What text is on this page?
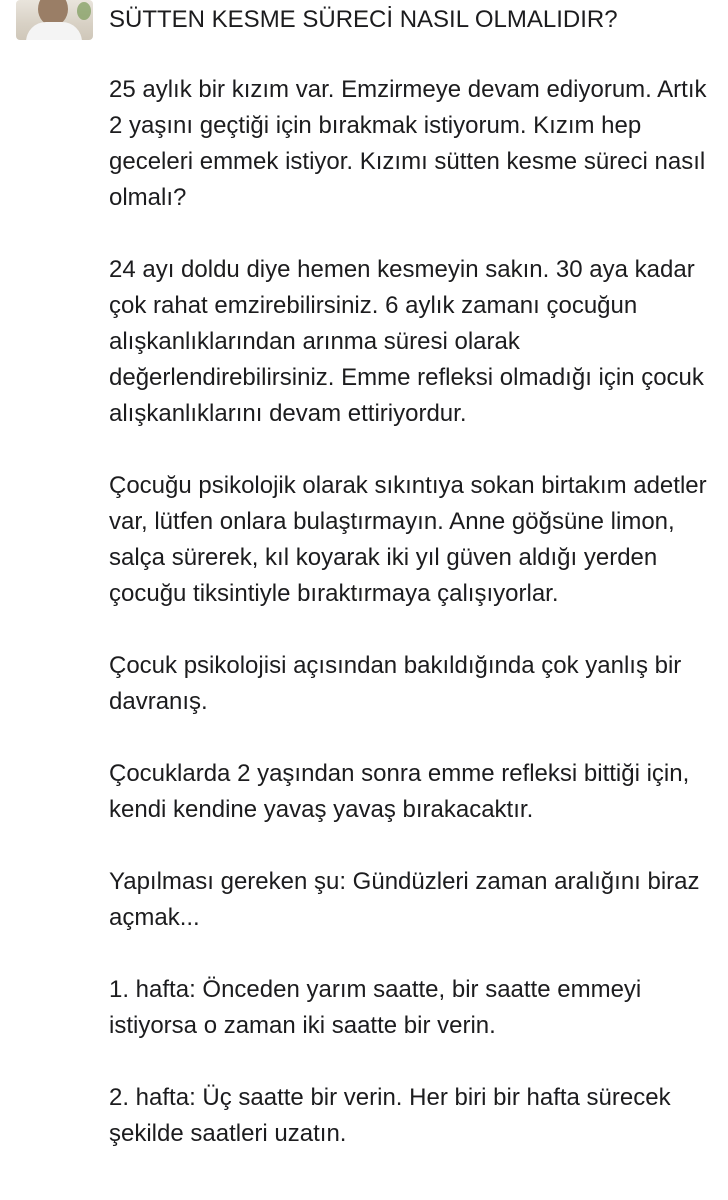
SÜTTEN KESME SÜRECİ NASIL OLMALIDIR?

25 aylık bir kızım var. Emzirmeye devam ediyorum. Artık 2 yaşını geçtiği için bırakmak istiyorum. Kızım hep geceleri emmek istiyor. Kızımı sütten kesme süreci nasıl olmalı?

24 ayı doldu diye hemen kesmeyin sakın. 30 aya kadar çok rahat emzirebilirsiniz. 6 aylık zamanı çocuğun alışkanlıklarından arınma süresi olarak değerlendirebilirsiniz. Emme refleksi olmadığı için çocuk alışkanlıklarını devam ettiriyordur.

Çocuğu psikolojik olarak sıkıntıya sokan birtakım adetler var, lütfen onlara bulaştırmayın. Anne göğsüne limon, salça sürerek, kıl koyarak iki yıl güven aldığı yerden çocuğu tiksintiyle bıraktırmaya çalışıyorlar.

Çocuk psikolojisi açısından bakıldığında çok yanlış bir davranış.

Çocuklarda 2 yaşından sonra emme refleksi bittiği için, kendi kendine yavaş yavaş bırakacaktır.

Yapılması gereken şu: Gündüzleri zaman aralığını biraz açmak...

1. hafta: Önceden yarım saatte, bir saatte emmeyi istiyorsa o zaman iki saatte bir verin.

2. hafta: Üç saatte bir verin. Her biri bir hafta sürecek şekilde saatleri uzatın.
